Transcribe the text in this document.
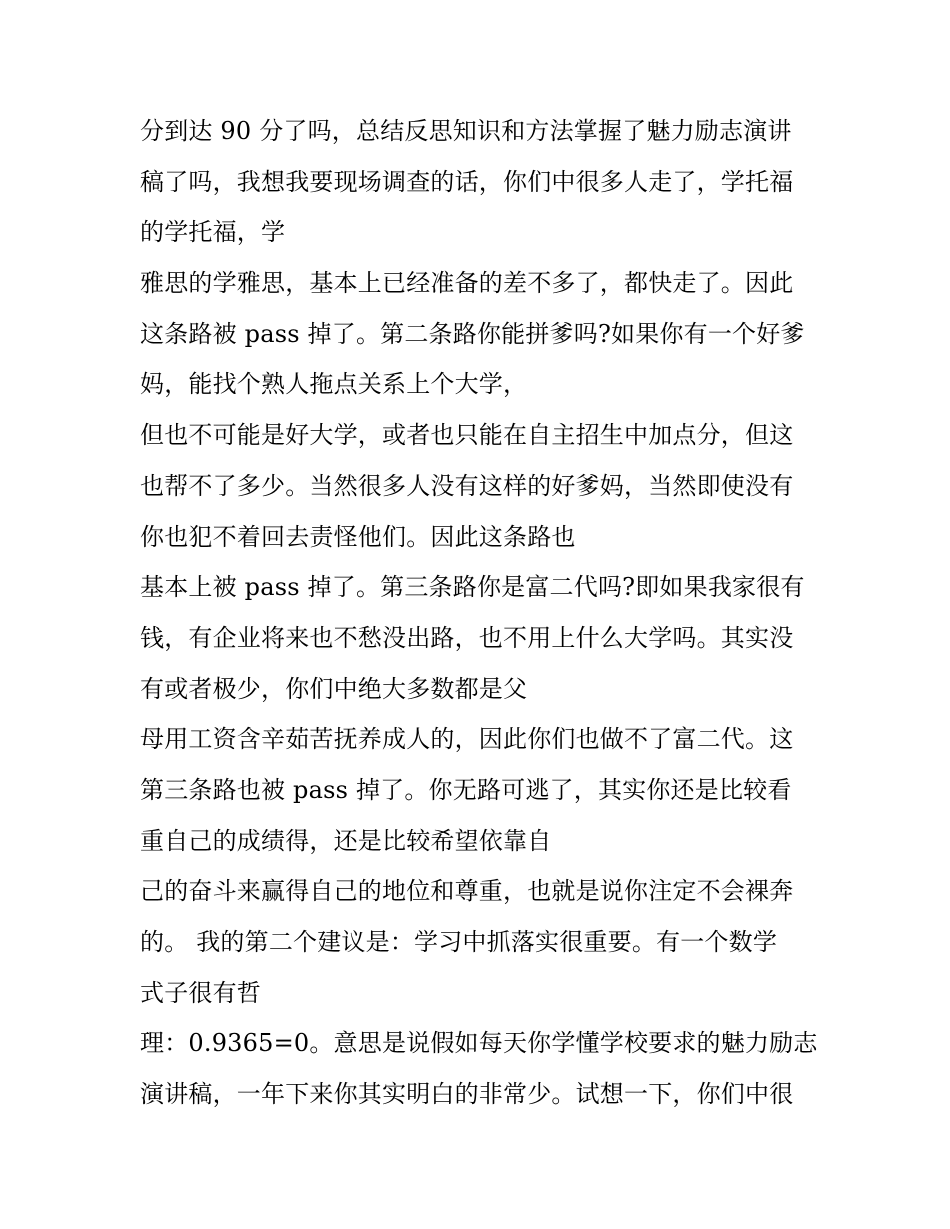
分到达 90 分了吗，总结反思知识和方法掌握了魅力励志演讲
稿了吗，我想我要现场调查的话，你们中很多人走了，学托福
的学托福，学
雅思的学雅思，基本上已经准备的差不多了，都快走了。因此
这条路被 pass 掉了。第二条路你能拼爹吗?如果你有一个好爹
妈，能找个熟人拖点关系上个大学，
但也不可能是好大学，或者也只能在自主招生中加点分，但这
也帮不了多少。当然很多人没有这样的好爹妈，当然即使没有
你也犯不着回去责怪他们。因此这条路也
基本上被 pass 掉了。第三条路你是富二代吗?即如果我家很有
钱，有企业将来也不愁没出路，也不用上什么大学吗。其实没
有或者极少，你们中绝大多数都是父
母用工资含辛茹苦抚养成人的，因此你们也做不了富二代。这
第三条路也被 pass 掉了。你无路可逃了，其实你还是比较看
重自己的成绩得，还是比较希望依靠自
己的奋斗来赢得自己的地位和尊重，也就是说你注定不会裸奔
的。 我的第二个建议是：学习中抓落实很重要。有一个数学
式子很有哲
理：0.9365=0。意思是说假如每天你学懂学校要求的魅力励志
演讲稿，一年下来你其实明白的非常少。试想一下，你们中很
